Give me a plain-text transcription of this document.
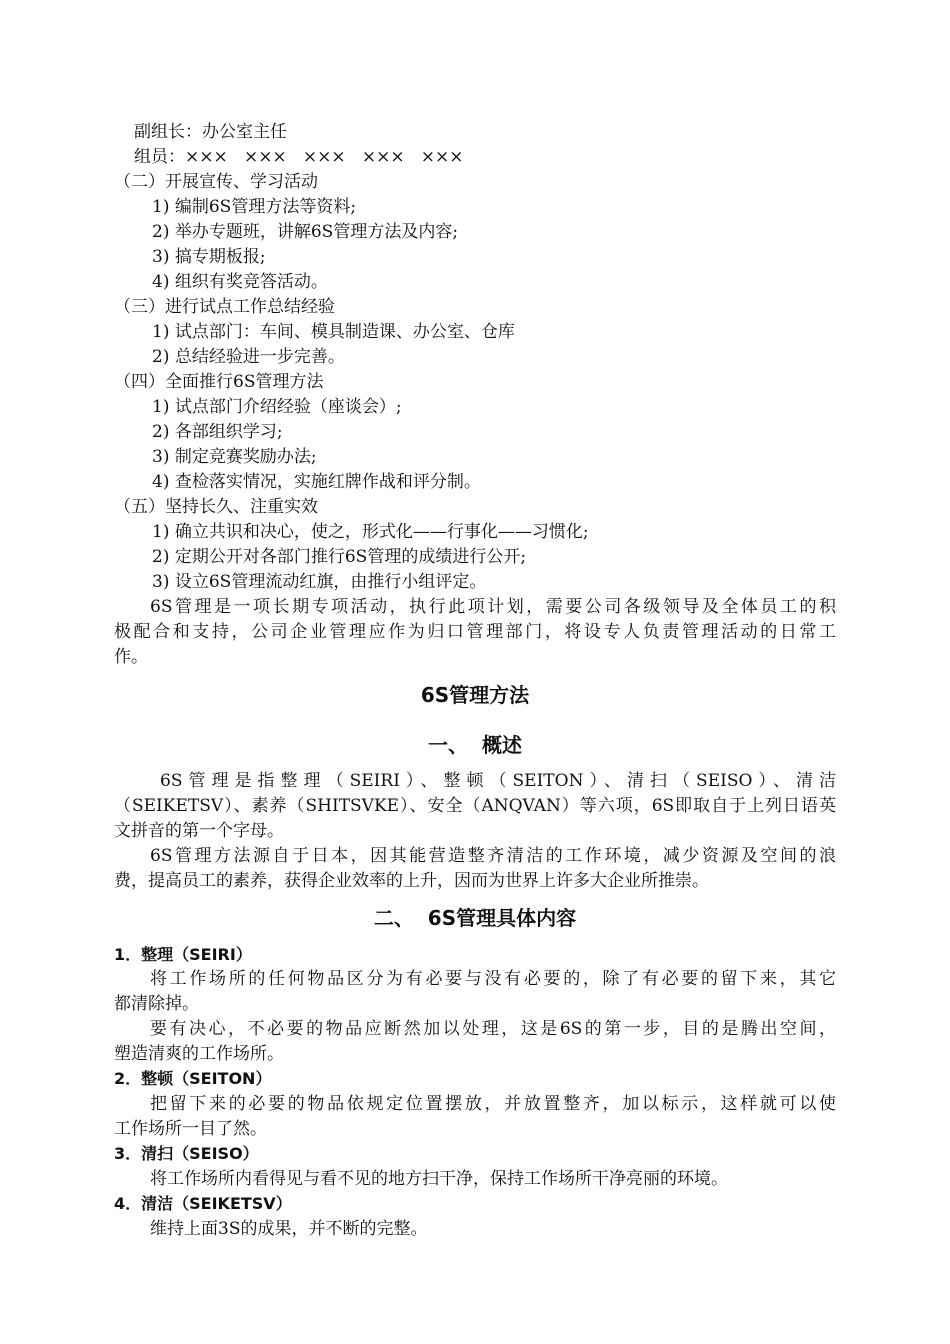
副组长：办公室主任
组员：×××   ×××   ×××   ×××   ×××
（二）开展宣传、学习活动
1) 编制6S管理方法等资料;
2) 举办专题班，讲解6S管理方法及内容;
3) 搞专期板报;
4) 组织有奖竞答活动。
（三）进行试点工作总结经验
1) 试点部门：车间、模具制造课、办公室、仓库
2) 总结经验进一步完善。
（四）全面推行6S管理方法
1) 试点部门介绍经验（座谈会）;
2) 各部组织学习;
3) 制定竞赛奖励办法;
4) 查检落实情况，实施红牌作战和评分制。
（五）坚持长久、注重实效
1) 确立共识和决心，使之，形式化——行事化——习惯化;
2) 定期公开对各部门推行6S管理的成绩进行公开;
3) 设立6S管理流动红旗，由推行小组评定。
6S管理是一项长期专项活动，执行此项计划，需要公司各级领导及全体员工的积
极配合和支持，公司企业管理应作为归口管理部门，将设专人负责管理活动的日常工
作。
6S管理方法
一、  概述
6S管理是指整理（SEIRI）、整顿（SEITON）、清扫（SEISO）、清洁
（SEIKETSV）、素养（SHITSVKE）、安全（ANQVAN）等六项，6S即取自于上列日语英
文拼音的第一个字母。
6S管理方法源自于日本，因其能营造整齐清洁的工作环境，减少资源及空间的浪
费，提高员工的素养，获得企业效率的上升，因而为世界上许多大企业所推崇。
二、  6S管理具体内容
1．整理（SEIRI）
将工作场所的任何物品区分为有必要与没有必要的，除了有必要的留下来，其它
都清除掉。
要有决心，不必要的物品应断然加以处理，这是6S的第一步，目的是腾出空间，
塑造清爽的工作场所。
2．整顿（SEITON）
把留下来的必要的物品依规定位置摆放，并放置整齐，加以标示，这样就可以使
工作场所一目了然。
3．清扫（SEISO）
将工作场所内看得见与看不见的地方扫干净，保持工作场所干净亮丽的环境。
4．清洁（SEIKETSV）
维持上面3S的成果，并不断的完整。
